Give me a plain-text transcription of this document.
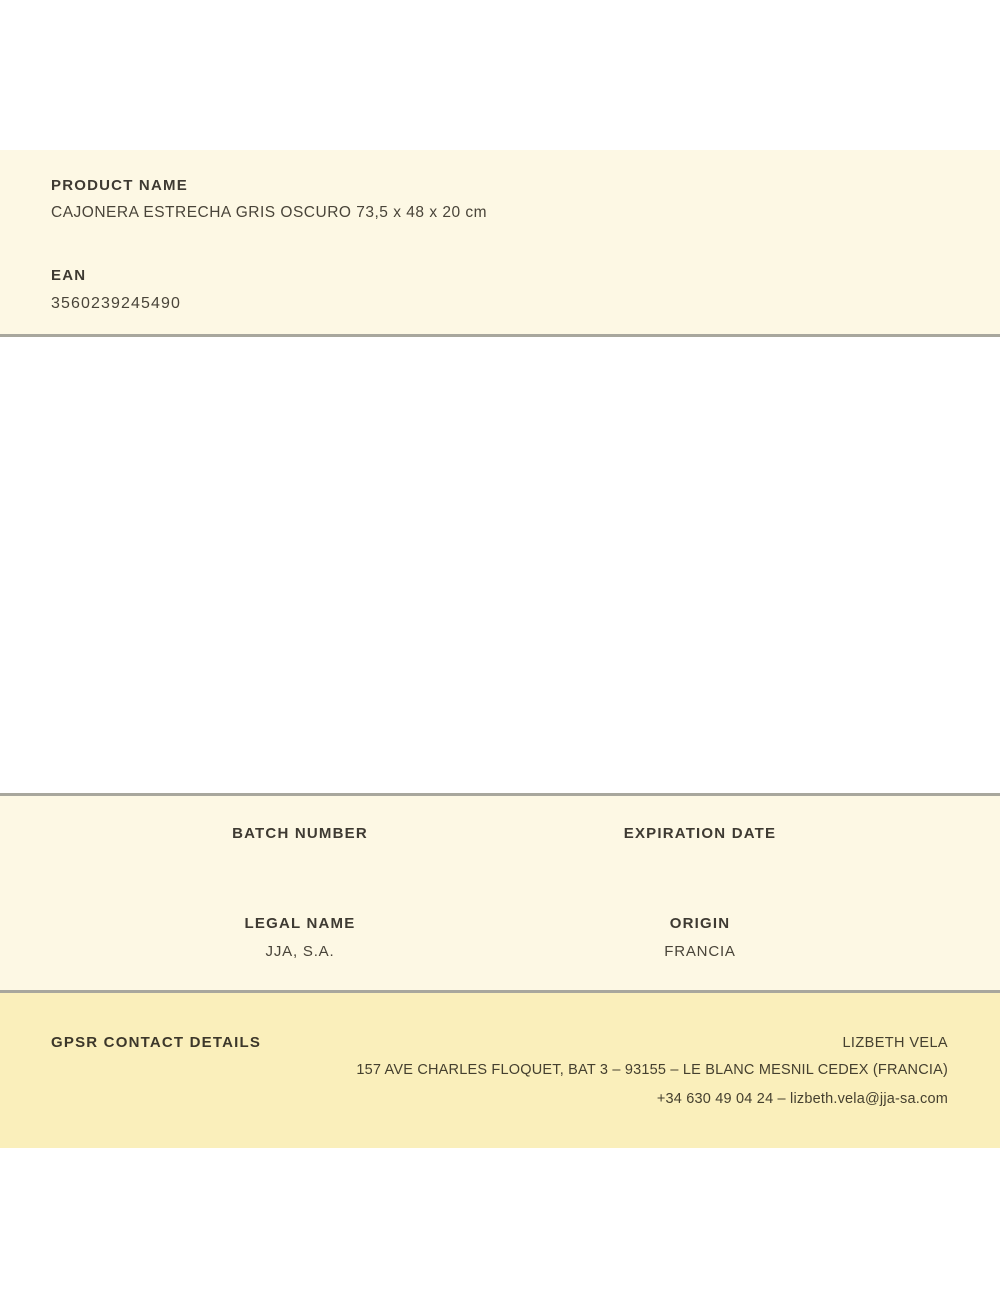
PRODUCT NAME
CAJONERA ESTRECHA GRIS OSCURO 73,5 x 48 x 20 cm
EAN
3560239245490
BATCH NUMBER	EXPIRATION DATE
LEGAL NAME	ORIGIN
JJA, S.A.	FRANCIA
GPSR CONTACT DETAILS	LIZBETH VELA
157 AVE CHARLES FLOQUET, BAT 3 – 93155 – LE BLANC MESNIL CEDEX (FRANCIA)
+34 630 49 04 24 – lizbeth.vela@jja-sa.com
